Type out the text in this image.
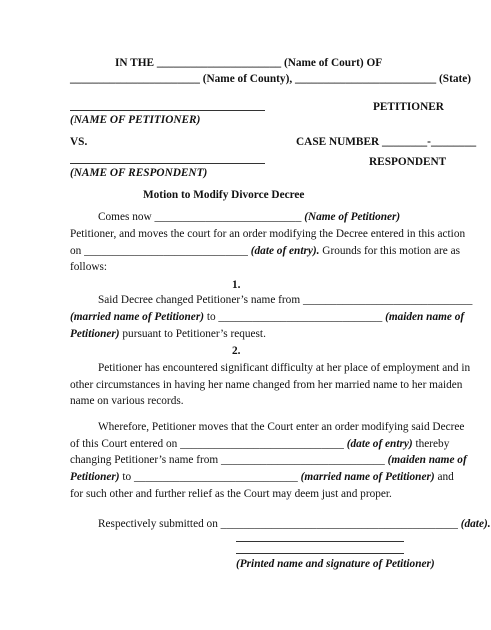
IN THE ______________________ (Name of Court) OF
_______________________ (Name of County), _________________________ (State)
PETITIONER
(NAME OF PETITIONER)
VS.	CASE NUMBER ________-________
RESPONDENT
(NAME OF RESPONDENT)
Motion to Modify Divorce Decree
Comes now __________________________ (Name of Petitioner)
Petitioner, and moves the court for an order modifying the Decree entered in this action
on _____________________________ (date of entry). Grounds for this motion are as
follows:
1.
Said Decree changed Petitioner’s name from ______________________________
(married name of Petitioner) to _____________________________ (maiden name of
Petitioner) pursuant to Petitioner’s request.
2.
Petitioner has encountered significant difficulty at her place of employment and in
other circumstances in having her name changed from her married name to her maiden
name on various records.
Wherefore, Petitioner moves that the Court enter an order modifying said Decree
of this Court entered on _____________________________ (date of entry) thereby
changing Petitioner’s name from _____________________________ (maiden name of
Petitioner) to _____________________________ (married name of Petitioner) and
for such other and further relief as the Court may deem just and proper.
Respectively submitted on __________________________________________ (date).
(Printed name and signature of Petitioner)
